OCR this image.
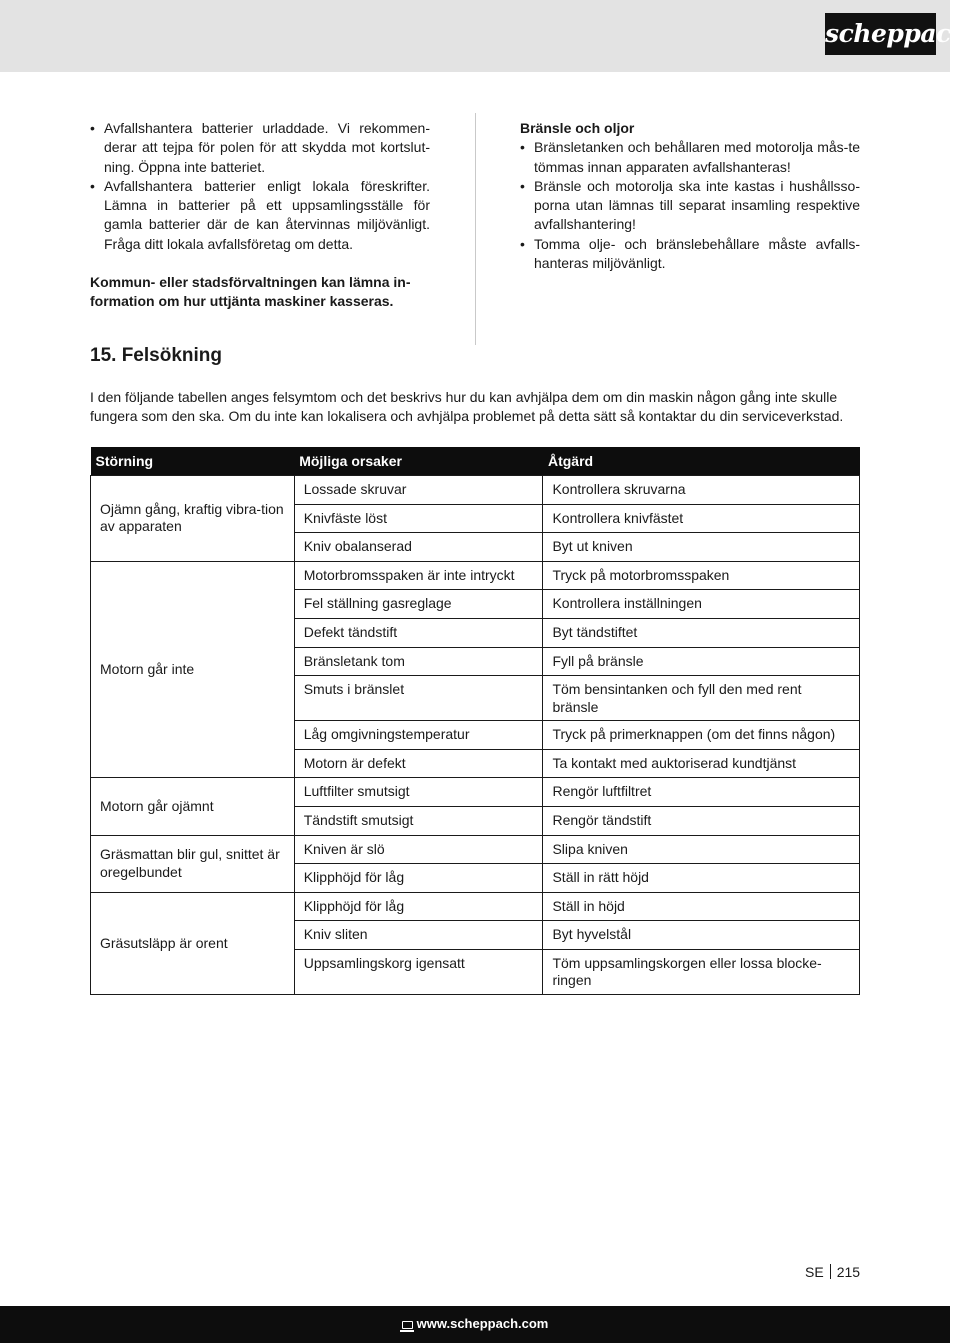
scheppach
• Avfallshantera batterier urladdade. Vi rekommen-derar att tejpa för polen för att skydda mot kortslut-ning. Öppna inte batteriet.
• Avfallshantera batterier enligt lokala föreskrifter. Lämna in batterier på ett uppsamlingsställe för gamla batterier där de kan återvinnas miljövänligt. Fråga ditt lokala avfallsföretag om detta.

Kommun- eller stadsförvaltningen kan lämna in-formation om hur uttjänta maskiner kasseras.

Bränsle och oljor

• Bränsletanken och behållaren med motorolja mås-te tömmas innan apparaten avfallshanteras!
• Bränsle och motorolja ska inte kastas i hushållsso-porna utan lämnas till separat insamling respektive avfallshantering!
• Tomma olje- och bränslebehållare måste avfalls-hanteras miljövänligt.
15. Felsökning

I den följande tabellen anges felsymtom och det beskrivs hur du kan avhjälpa dem om din maskin någon gång inte skulle fungera som den ska. Om du inte kan lokalisera och avhjälpa problemet på detta sätt så kontaktar du din serviceverkstad.

Störning	Möjliga orsaker	Åtgärd
Ojämn gång, kraftig vibra-tion av apparaten	Lossade skruvar	Kontrollera skruvarna
	Knivfäste löst	Kontrollera knivfästet
	Kniv obalanserad	Byt ut kniven
Motorn går inte	Motorbromsspaken är inte intryckt	Tryck på motorbromsspaken
	Fel ställning gasreglage	Kontrollera inställningen
	Defekt tändstift	Byt tändstiftet
	Bränsletank tom	Fyll på bränsle
	Smuts i bränslet	Töm bensintanken och fyll den med rent bränsle
	Låg omgivningstemperatur	Tryck på primerknappen (om det finns någon)
	Motorn är defekt	Ta kontakt med auktoriserad kundtjänst
Motorn går ojämnt	Luftfilter smutsigt	Rengör luftfiltret
	Tändstift smutsigt	Rengör tändstift
Gräsmattan blir gul, snittet är oregelbundet	Kniven är slö	Slipa kniven
	Klipphöjd för låg	Ställ in rätt höjd
Gräsutsläpp är orent	Klipphöjd för låg	Ställ in höjd
	Kniv sliten	Byt hyvelstål
	Uppsamlingskorg igensatt	Töm uppsamlingskorgen eller lossa blocke-ringen
SE 215
www.scheppach.com
